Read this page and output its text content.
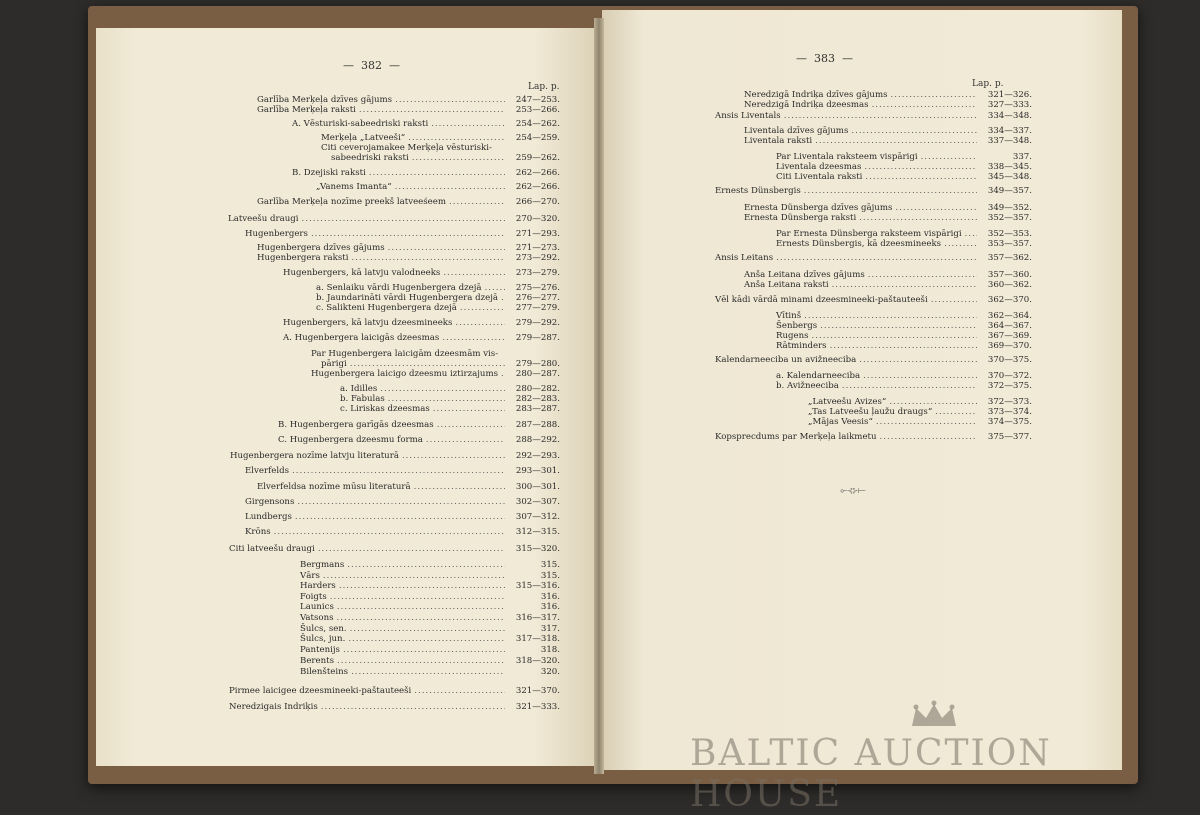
—  382  —
—  383  —
Lap. p.	Lap. p.
Garlība Merķeļa dzīves gājums .....	247—253.
Garlība Merķeļa raksti .....	253—266.
A. Vēsturiski-sabeedriski raksti .....	254—262.
Merķeļa „Latveeši“ .....	254—259.
Citi ceverojamakee Merķeļa vēsturiski-
sabeedriski raksti .....	259—262.
B. Dzejiski raksti .....	262—266.
„Vanems Imanta“ .....	262—266.
Garlība Merķeļa nozīme preekš latveeśeem .....	266—270.
Latveešu draugi .....	270—320.
Hugenbergers .....	271—293.
Hugenbergera dzīves gājums .....	271—273.
Hugenbergera raksti .....	273—292.
Hugenbergers, kā latvju valodneeks .....	273—279.
a. Senlaiku vārdi Hugenbergera dzejā .....	275—276.
b. Jaundarināti vārdi Hugenbergera dzejā .....	276—277.
c. Salikteni Hugenbergera dzejā .....	277—279.
Hugenbergers, kā latvju dzeesmineeks .....	279—292.
A. Hugenbergera laicigās dzeesmas .....	279—287.
Par Hugenbergera laicigām dzeesmām vis-
pārigi .....	279—280.
Hugenbergera laicigo dzeesmu iztirzajums .....	280—287.
a. Idilles .....	280—282.
b. Fabulas .....	282—283.
c. Liriskas dzeesmas .....	283—287.
B. Hugenbergera garīgās dzeesmas .....	287—288.
C. Hugenbergera dzeesmu forma .....	288—292.
Hugenbergera nozīme latvju literaturā .....	292—293.
Elverfelds .....	293—301.
Elverfeldsa nozīme mūsu literaturā .....	300—301.
Girgensons .....	302—307.
Lundbergs .....	307—312.
Krōns .....	312—315.
Citi latveešu draugi .....	315—320.
Bergmans .....	315.
Vārs .....	315.
Harders .....	315—316.
Foigts .....	316.
Launics .....	316.
Vatsons .....	316—317.
Šulcs, sen. .....	317.
Šulcs, jun. .....	317—318.
Pantenijs .....	318.
Berents .....	318—320.
Bilenšteins .....	320.
Pirmee laicigee dzeesmineeki-paštauteeši .....	321—370.
Neredzigais Indriķis .....	321—333.
Neredzigā Indriķa dzīves gājums .....	321—326.
Neredzigā Indriķa dzeesmas .....	327—333.
Ansis Liventals .....	334—348.
Liventala dzīves gājums .....	334—337.
Liventala raksti .....	337—348.
Par Liventala raksteem vispārigi .....	337.
Liventala dzeesmas .....	338—345.
Citi Liventala raksti .....	345—348.
Ernests Dünsbergis .....	349—357.
Ernesta Dünsberga dzīves gājums .....	349—352.
Ernesta Dünsberga raksti .....	352—357.
Par Ernesta Dünsberga raksteem vispārigi .....	352—353.
Ernests Dünsbergis, kā dzeesmineeks .....	353—357.
Ansis Leitans .....	357—362.
Anša Leitana dzīves gājums .....	357—360.
Anša Leitana raksti .....	360—362.
Vēl kādi vārdā minami dzeesmineeki-paštauteeši .....	362—370.
Vītinš .....	362—364.
Šenbergs .....	364—367.
Rugens .....	367—369.
Rātminders .....	369—370.
Kalendarneeciba un avižneeciba .....	370—375.
a. Kalendarneeciba .....	370—372.
b. Avižneeciba .....	372—375.
„Latveešu Avizes“ .....	372—373.
„Tas Latveešu ļaužu draugs“ .....	373—374.
„Mājas Veesis“ .....	374—375.
Kopsprecdums par Merķeļa laikmetu .....	375—377.
⟜⊰⊱⟝
BALTIC AUCTION HOUSE
